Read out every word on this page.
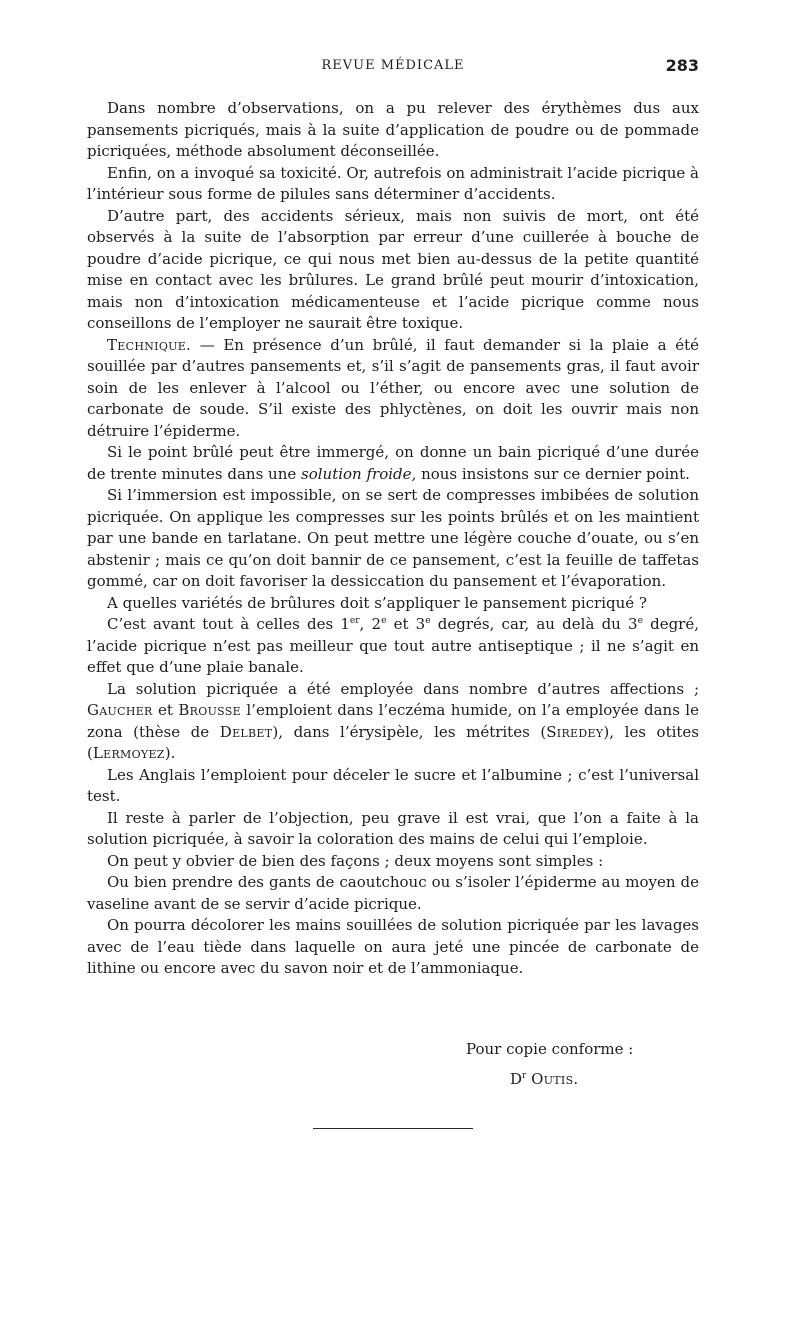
REVUE MÉDICALE	283

Dans nombre d’observations, on a pu relever des érythèmes dus aux pansements picriqués, mais à la suite d’application de poudre ou de pommade picriquées, méthode absolument déconseillée.

Enfin, on a invoqué sa toxicité. Or, autrefois on administrait l’acide picrique à l’intérieur sous forme de pilules sans déterminer d’accidents.

D’autre part, des accidents sérieux, mais non suivis de mort, ont été observés à la suite de l’absorption par erreur d’une cuillerée à bouche de poudre d’acide picrique, ce qui nous met bien au-dessus de la petite quantité mise en contact avec les brûlures. Le grand brûlé peut mourir d’intoxication, mais non d’intoxication médicamenteuse et l’acide picrique comme nous conseillons de l’employer ne saurait être toxique.

Technique. — En présence d’un brûlé, il faut demander si la plaie a été souillée par d’autres pansements et, s’il s’agit de pansements gras, il faut avoir soin de les enlever à l’alcool ou l’éther, ou encore avec une solution de carbonate de soude. S’il existe des phlyctènes, on doit les ouvrir mais non détruire l’épiderme.

Si le point brûlé peut être immergé, on donne un bain picriqué d’une durée de trente minutes dans une solution froide, nous insistons sur ce dernier point.

Si l’immersion est impossible, on se sert de compresses imbibées de solution picriquée. On applique les compresses sur les points brûlés et on les maintient par une bande en tarlatane. On peut mettre une légère couche d’ouate, ou s’en abstenir ; mais ce qu’on doit bannir de ce pansement, c’est la feuille de taffetas gommé, car on doit favoriser la dessiccation du pansement et l’évaporation.

A quelles variétés de brûlures doit s’appliquer le pansement picriqué ?

C’est avant tout à celles des 1er, 2e et 3e degrés, car, au delà du 3e degré, l’acide picrique n’est pas meilleur que tout autre antiseptique ; il ne s’agit en effet que d’une plaie banale.

La solution picriquée a été employée dans nombre d’autres affections ; Gaucher et Brousse l’emploient dans l’eczéma humide, on l’a employée dans le zona (thèse de Delbet), dans l’érysipèle, les métrites (Siredey), les otites (Lermoyez).

Les Anglais l’emploient pour déceler le sucre et l’albumine ; c’est l’universal test.

Il reste à parler de l’objection, peu grave il est vrai, que l’on a faite à la solution picriquée, à savoir la coloration des mains de celui qui l’emploie.

On peut y obvier de bien des façons ; deux moyens sont simples :

Ou bien prendre des gants de caoutchouc ou s’isoler l’épiderme au moyen de vaseline avant de se servir d’acide picrique.

On pourra décolorer les mains souillées de solution picriquée par les lavages avec de l’eau tiède dans laquelle on aura jeté une pincée de carbonate de lithine ou encore avec du savon noir et de l’ammoniaque.

Pour copie conforme :
$D^r$ Outis.
